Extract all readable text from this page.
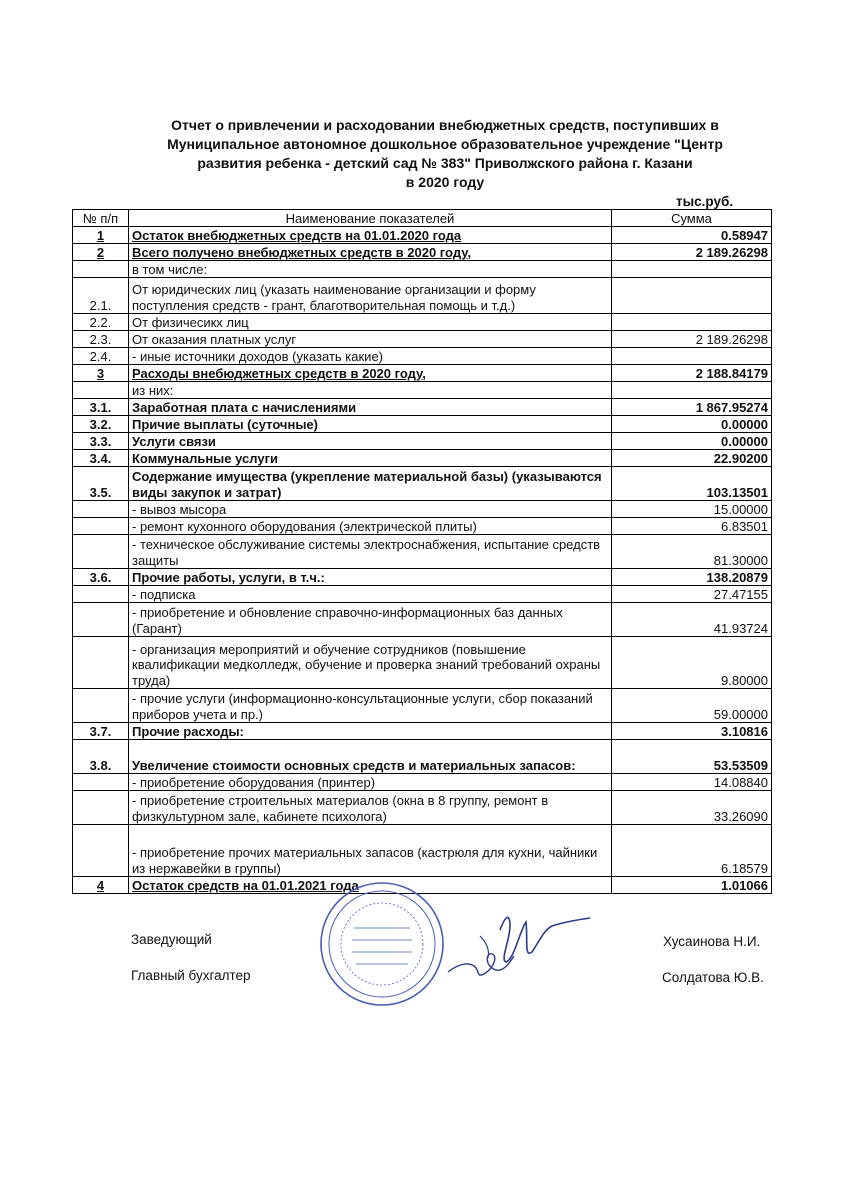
Отчет о привлечении и расходовании внебюджетных средств, поступивших в
Муниципальное автономное дошкольное образовательное учреждение "Центр
развития ребенка - детский сад № 383" Приволжского района г. Казани
в 2020 году
тыс.руб.
№ п/п	Наименование показателей	Сумма
1	Остаток внебюджетных средств на 01.01.2020 года	0.58947
2	Всего получено внебюджетных средств в 2020 году,	2 189.26298
	в том числе:	
2.1.	От юридических лиц (указать наименование организации и форму поступления средств - грант, благотворительная помощь и т.д.)	
2.2.	От физичесикх лиц	
2.3.	От оказания платных услуг	2 189.26298
2.4.	- иные источники доходов (указать какие)	
3	Расходы внебюджетных средств в 2020 году,	2 188.84179
	из них:	
3.1.	Заработная плата с начислениями	1 867.95274
3.2.	Причие выплаты (суточные)	0.00000
3.3.	Услуги связи	0.00000
3.4.	Коммунальные услуги	22.90200
3.5.	Содержание имущества (укрепление материальной базы) (указываются виды закупок и затрат)	103.13501
	- вывоз мысора	15.00000
	- ремонт кухонного оборудования (электрической плиты)	6.83501
	- техническое обслуживание системы электроснабжения, испытание средств защиты	81.30000
3.6.	Прочие работы, услуги, в т.ч.:	138.20879
	- подписка	27.47155
	- приобретение и обновление справочно-информационных баз данных (Гарант)	41.93724
	- организация мероприятий и обучение сотрудников (повышение квалификации медколледж, обучение и проверка знаний требований охраны труда)	9.80000
	- прочие услуги (информационно-консультационные услуги, сбор показаний приборов учета и пр.)	59.00000
3.7.	Прочие расходы:	3.10816
3.8.	Увеличение стоимости основных средств и материальных запасов:	53.53509
	- приобретение оборудования (принтер)	14.08840
	- приобретение строительных материалов (окна в 8 группу, ремонт в физкультурном зале, кабинете психолога)	33.26090
	- приобретение прочих материальных запасов (кастрюля для кухни, чайники из нержавейки в группы)	6.18579
4	Остаток средств на 01.01.2021 года	1.01066
Заведующий	Хусаинова Н.И.
Главный бухгалтер	Солдатова Ю.В.
